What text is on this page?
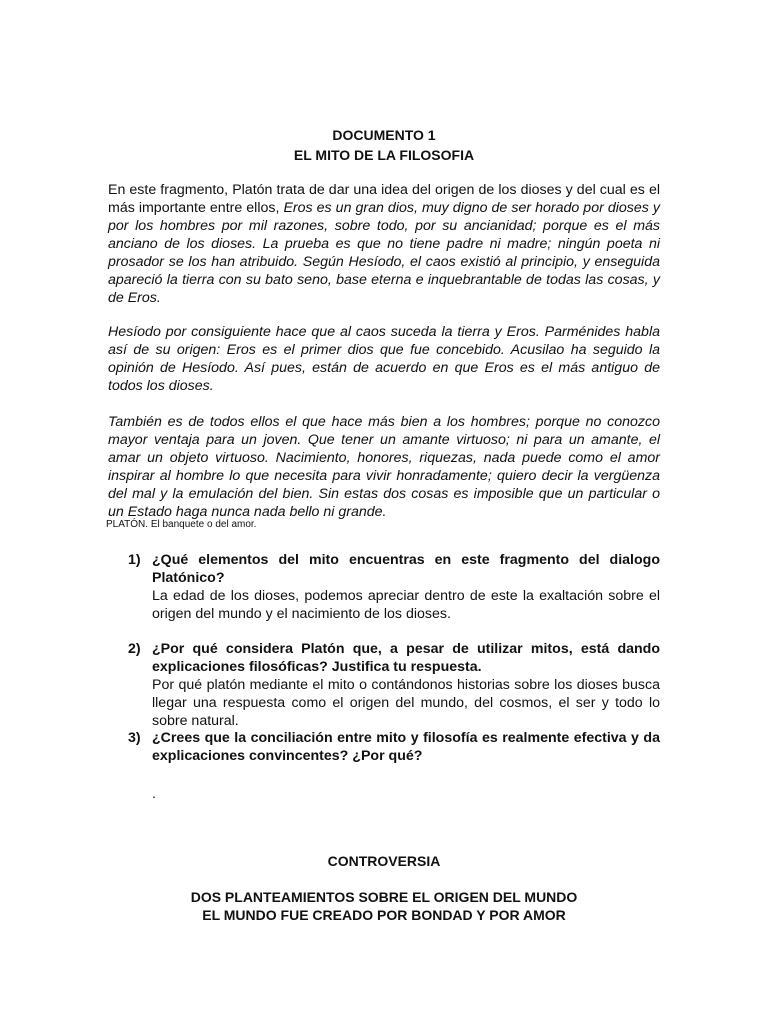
DOCUMENTO 1
EL MITO DE LA FILOSOFIA
En este fragmento, Platón trata de dar una idea del origen de los dioses y del cual es el más importante entre ellos, Eros es un gran dios, muy digno de ser horado por dioses y por los hombres por mil razones, sobre todo, por su ancianidad; porque es el más anciano de los dioses. La prueba es que no tiene padre ni madre; ningún poeta ni prosador se los han atribuido. Según Hesíodo, el caos existió al principio, y enseguida apareció la tierra con su bato seno, base eterna e inquebrantable de todas las cosas, y de Eros.
Hesíodo por consiguiente hace que al caos suceda la tierra y Eros. Parménides habla así de su origen: Eros es el primer dios que fue concebido. Acusilao ha seguido la opinión de Hesíodo. Así pues, están de acuerdo en que Eros es el más antiguo de todos los dioses.
También es de todos ellos el que hace más bien a los hombres; porque no conozco mayor ventaja para un joven. Que tener un amante virtuoso; ni para un amante, el amar un objeto virtuoso. Nacimiento, honores, riquezas, nada puede como el amor inspirar al hombre lo que necesita para vivir honradamente; quiero decir la vergüenza del mal y la emulación del bien. Sin estas dos cosas es imposible que un particular o un Estado haga nunca nada bello ni grande.
PLATÓN. El banquete o del amor.
1) ¿Qué elementos del mito encuentras en este fragmento del dialogo Platónico?
La edad de los dioses, podemos apreciar dentro de este la exaltación sobre el origen del mundo y el nacimiento de los dioses.
2) ¿Por qué considera Platón que, a pesar de utilizar mitos, está dando explicaciones filosóficas? Justifica tu respuesta.
Por qué platón mediante el mito o contándonos historias sobre los dioses busca llegar una respuesta como el origen del mundo, del cosmos, el ser y todo lo sobre natural.
3) ¿Crees que la conciliación entre mito y filosofía es realmente efectiva y da explicaciones convincentes? ¿Por qué?
.
CONTROVERSIA
DOS PLANTEAMIENTOS SOBRE EL ORIGEN DEL MUNDO
EL MUNDO FUE CREADO POR BONDAD Y POR AMOR
